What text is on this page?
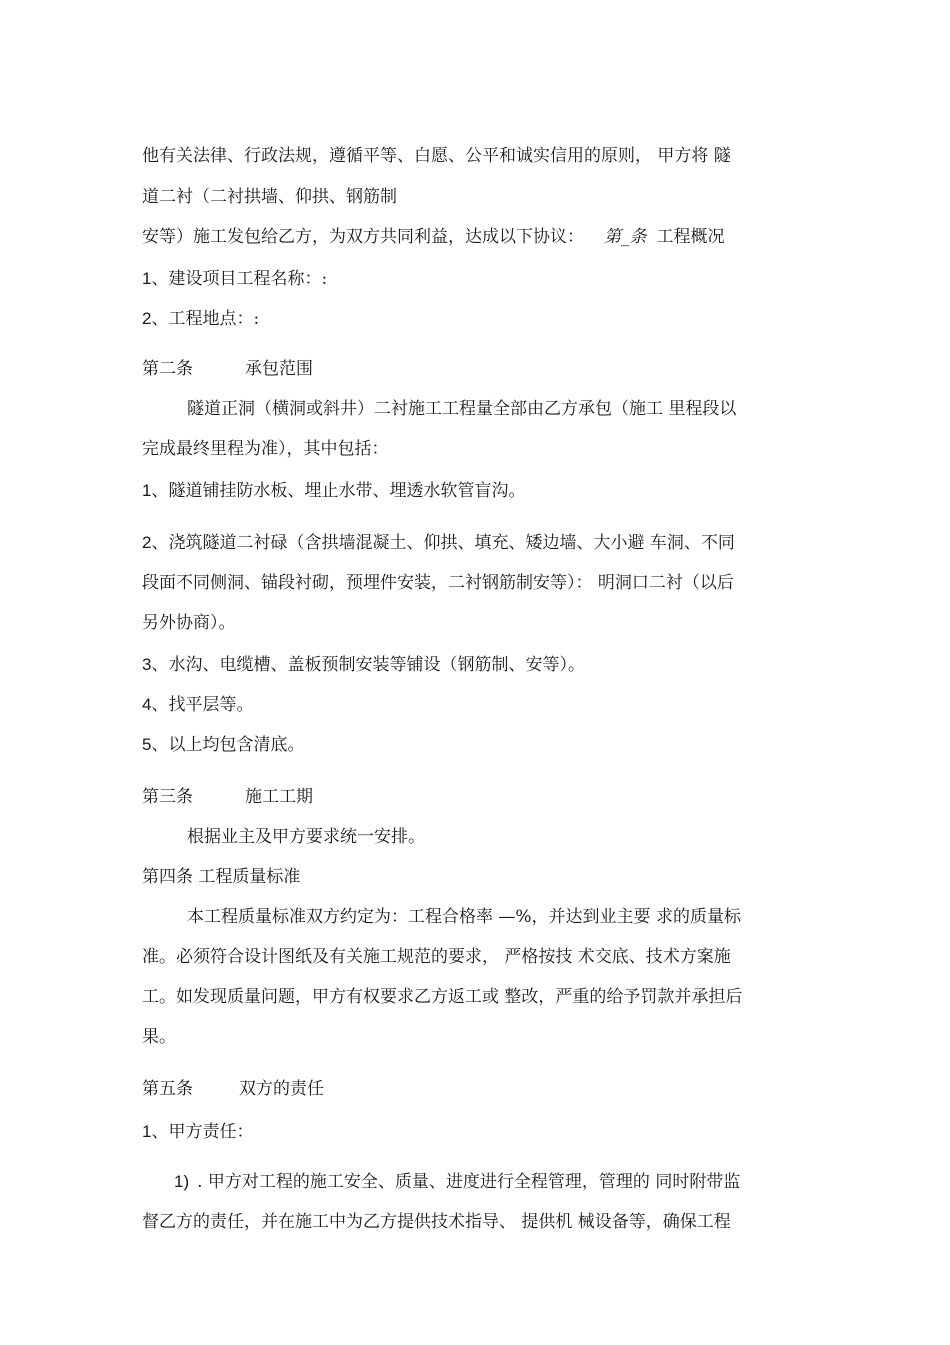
他有关法律、行政法规，遵循平等、白愿、公平和诚实信用的原则， 甲方将 隧
道二衬（二衬拱墙、仰拱、钢筋制
安等）施工发包给乙方，为双方共同利益，达成以下协议： 第_条 工程概况
1、建设项目工程名称：:
2、工程地点：:
第二条	承包范围
隧道正洞（横洞或斜井）二衬施工工程量全部由乙方承包（施工 里程段以
完成最终里程为准），其中包括：
1、隧道铺挂防水板、埋止水带、埋透水软管盲沟。
2、浇筑隧道二衬碌（含拱墙混凝土、仰拱、填充、矮边墙、大小避 车洞、不同
段面不同侧洞、锚段衬砌，预埋件安装，二衬钢筋制安等）： 明洞口二衬（以后
另外协商）。
3、水沟、电缆槽、盖板预制安装等铺设（钢筋制、安等）。
4、找平层等。
5、以上均包含清底。
第三条	施工工期
根据业主及甲方要求统一安排。
第四条 工程质量标准
本工程质量标准双方约定为：工程合格率 —%，并达到业主要 求的质量标
准。必须符合设计图纸及有关施工规范的要求， 严格按技 术交底、技术方案施
工。如发现质量问题，甲方有权要求乙方返工或 整改，严重的给予罚款并承担后
果。
第五条	双方的责任
1、甲方责任：
1) . 甲方对工程的施工安全、质量、进度进行全程管理，管理的 同时附带监
督乙方的责任，并在施工中为乙方提供技术指导、 提供机 械设备等，确保工程
